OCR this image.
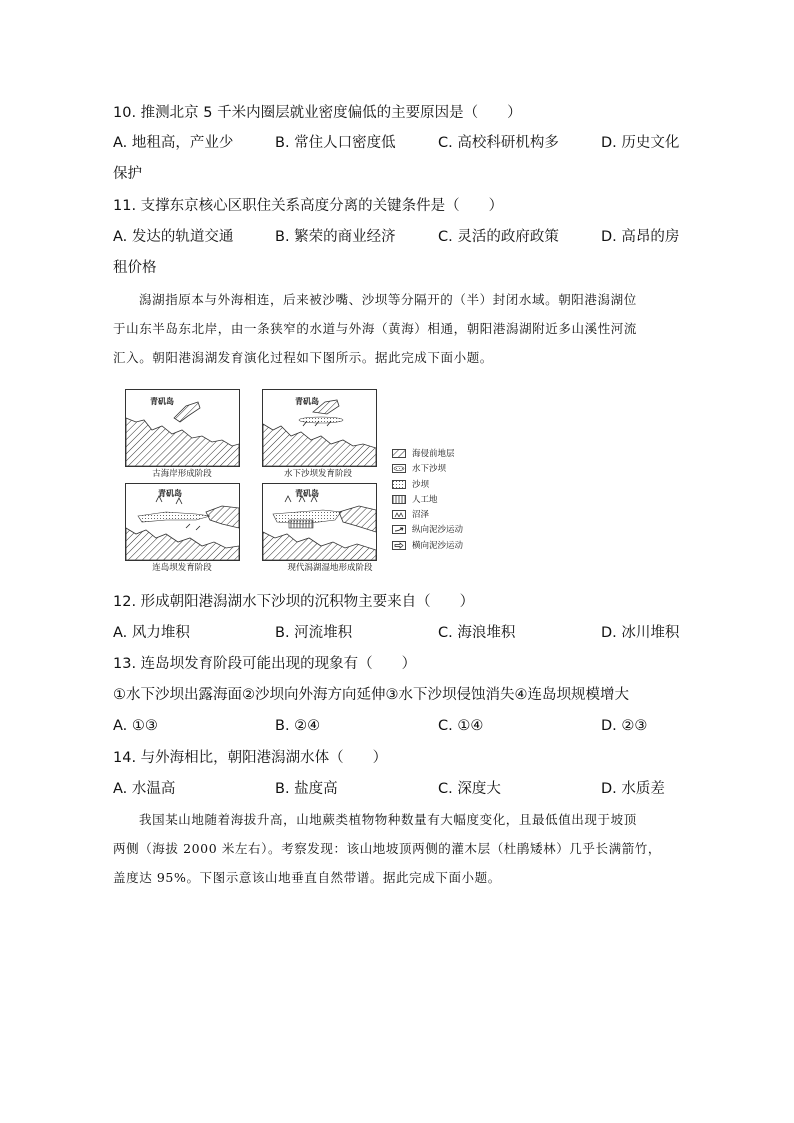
10. 推测北京 5 千米内圈层就业密度偏低的主要原因是（　　）
A. 地租高，产业少	B. 常住人口密度低	C. 高校科研机构多	D. 历史文化
保护
11. 支撑东京核心区职住关系高度分离的关键条件是（　　）
A. 发达的轨道交通	B. 繁荣的商业经济	C. 灵活的政府政策	D. 高昂的房
租价格
潟湖指原本与外海相连，后来被沙嘴、沙坝等分隔开的（半）封闭水域。朝阳港潟湖位
于山东半岛东北岸，由一条狭窄的水道与外海（黄海）相通，朝阳港潟湖附近多山溪性河流
汇入。朝阳港潟湖发育演化过程如下图所示。据此完成下面小题。
青矶岛
古海岸形成阶段
青矶岛
水下沙坝发育阶段
青矶岛
连岛坝发育阶段
青矶岛
现代潟湖湿地形成阶段
海侵前地层
水下沙坝
沙坝
人工地
沼泽
纵向泥沙运动
横向泥沙运动
12. 形成朝阳港潟湖水下沙坝的沉积物主要来自（　　）
A. 风力堆积	B. 河流堆积	C. 海浪堆积	D. 冰川堆积
13. 连岛坝发育阶段可能出现的现象有（　　）
①水下沙坝出露海面②沙坝向外海方向延伸③水下沙坝侵蚀消失④连岛坝规模增大
A. ①③	B. ②④	C. ①④	D. ②③
14. 与外海相比，朝阳港潟湖水体（　　）
A. 水温高	B. 盐度高	C. 深度大	D. 水质差
我国某山地随着海拔升高，山地蕨类植物物种数量有大幅度变化，且最低值出现于坡顶
两侧（海拔 2000 米左右）。考察发现：该山地坡顶两侧的灌木层（杜鹃矮林）几乎长满箭竹，
盖度达 95%。下图示意该山地垂直自然带谱。据此完成下面小题。
